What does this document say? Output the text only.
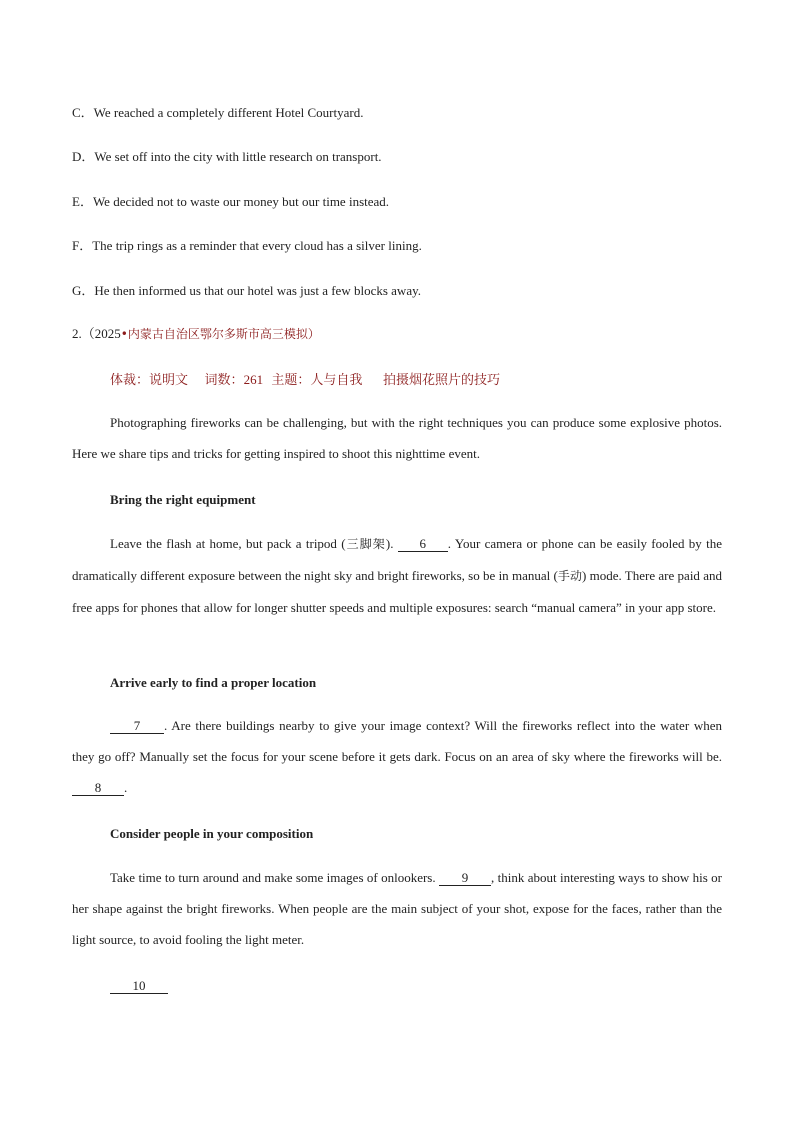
C．We reached a completely different Hotel Courtyard.
D．We set off into the city with little research on transport.
E．We decided not to waste our money but our time instead.
F．The trip rings as a reminder that every cloud has a silver lining.
G．He then informed us that our hotel was just a few blocks away.
2.（2025•内蒙古自治区鄂尔多斯市高三模拟）
体裁：说明文 词数：261 主题：人与自我 拍摄烟花照片的技巧
Photographing fireworks can be challenging, but with the right techniques you can produce some explosive photos. Here we share tips and tricks for getting inspired to shoot this nighttime event.
Bring the right equipment
Leave the flash at home, but pack a tripod (三脚架). 6 . Your camera or phone can be easily fooled by the dramatically different exposure between the night sky and bright fireworks, so be in manual (手动) mode. There are paid and free apps for phones that allow for longer shutter speeds and multiple exposures: search “manual camera” in your app store.
Arrive early to find a proper location
7 . Are there buildings nearby to give your image context? Will the fireworks reflect into the water when they go off? Manually set the focus for your scene before it gets dark. Focus on an area of sky where the fireworks will be. 8 .
Consider people in your composition
Take time to turn around and make some images of onlookers. 9 , think about interesting ways to show his or her shape against the bright fireworks. When people are the main subject of your shot, expose for the faces, rather than the light source, to avoid fooling the light meter.
10
